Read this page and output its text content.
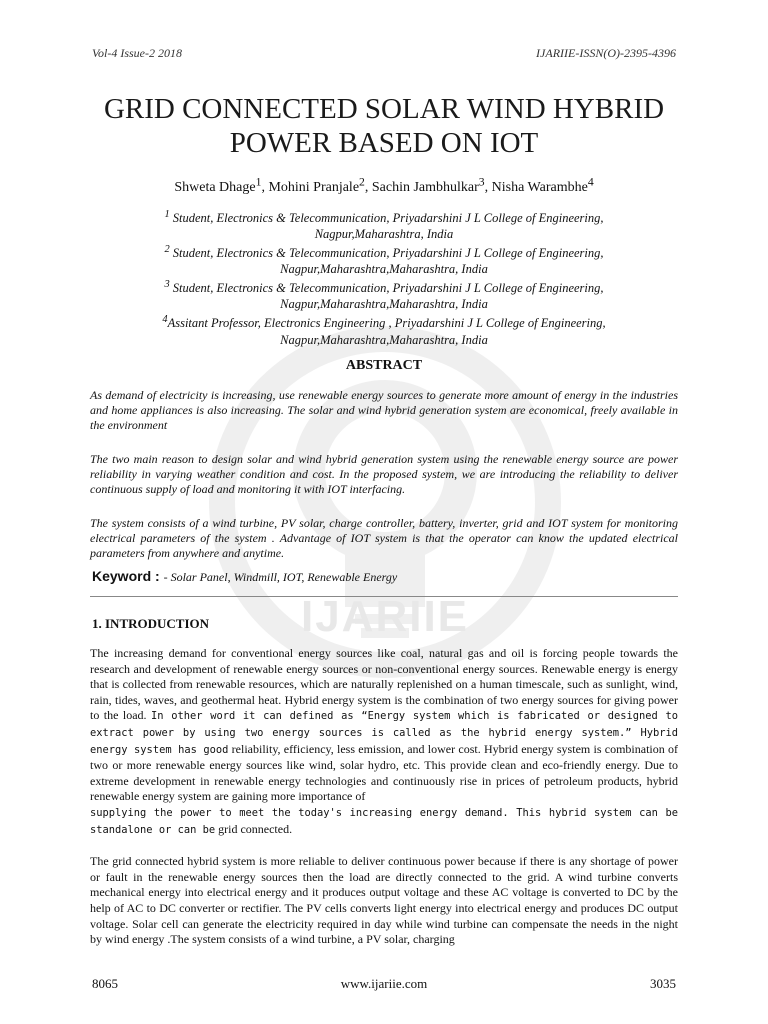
Vol-4 Issue-2 2018	IJARIIE-ISSN(O)-2395-4396
IJARIIE
GRID CONNECTED SOLAR WIND HYBRID
POWER BASED ON IOT
Shweta Dhage$^1$, Mohini Pranjale$^2$, Sachin Jambhulkar$^3$, Nisha Warambhe$^4$
$^1$ Student, Electronics & Telecommunication, Priyadarshini J L College of Engineering,
Nagpur,Maharashtra, India
$^2$ Student, Electronics & Telecommunication, Priyadarshini J L College of Engineering,
Nagpur,Maharashtra,Maharashtra, India
$^3$ Student, Electronics & Telecommunication, Priyadarshini J L College of Engineering,
Nagpur,Maharashtra,Maharashtra, India
$^4$Assitant Professor, Electronics Engineering , Priyadarshini J L College of Engineering,
Nagpur,Maharashtra,Maharashtra, India
ABSTRACT

As demand of electricity is increasing, use renewable energy sources to generate more amount of energy in the industries and home appliances is also increasing. The solar and wind hybrid generation system are economical, freely available in the environment

The two main reason to design solar and wind hybrid generation system using the renewable energy source are power reliability in varying weather condition and cost. In the proposed system, we are introducing the reliability to deliver continuous supply of load and monitoring it with IOT interfacing.

The system consists of a wind turbine, PV solar, charge controller, battery, inverter, grid and IOT system for monitoring electrical parameters of the system . Advantage of IOT system is that the operator can know the updated electrical parameters from anywhere and anytime.

Keyword : - Solar Panel, Windmill, IOT, Renewable Energy
1. INTRODUCTION

The increasing demand for conventional energy sources like coal, natural gas and oil is forcing people towards the research and development of renewable energy sources or non-conventional energy sources. Renewable energy is energy that is collected from renewable resources, which are naturally replenished on a human timescale, such as sunlight, wind, rain, tides, waves, and geothermal heat. Hybrid energy system is the combination of two energy sources for giving power to the load. In other word it can defined as “Energy system which is fabricated or designed to extract power by using two energy sources is called as the hybrid energy system.” Hybrid energy system has good reliability, efficiency, less emission, and lower cost. Hybrid energy system is combination of two or more renewable energy sources like wind, solar hydro, etc. This provide clean and eco-friendly energy. Due to extreme development in renewable energy technologies and continuously rise in prices of petroleum products, hybrid renewable energy system are gaining more importance of
supplying the power to meet the today's increasing energy demand. This hybrid system can be standalone or can be grid connected.

The grid connected hybrid system is more reliable to deliver continuous power because if there is any shortage of power or fault in the renewable energy sources then the load are directly connected to the grid. A wind turbine converts mechanical energy into electrical energy and it produces output voltage and these AC voltage is converted to DC by the help of AC to DC converter or rectifier. The PV cells converts light energy into electrical energy and produces DC output voltage. Solar cell can generate the electricity required in day while wind turbine can compensate the needs in the night by wind energy .The system consists of a wind turbine, a PV solar, charging

8065	www.ijariie.com	3035
